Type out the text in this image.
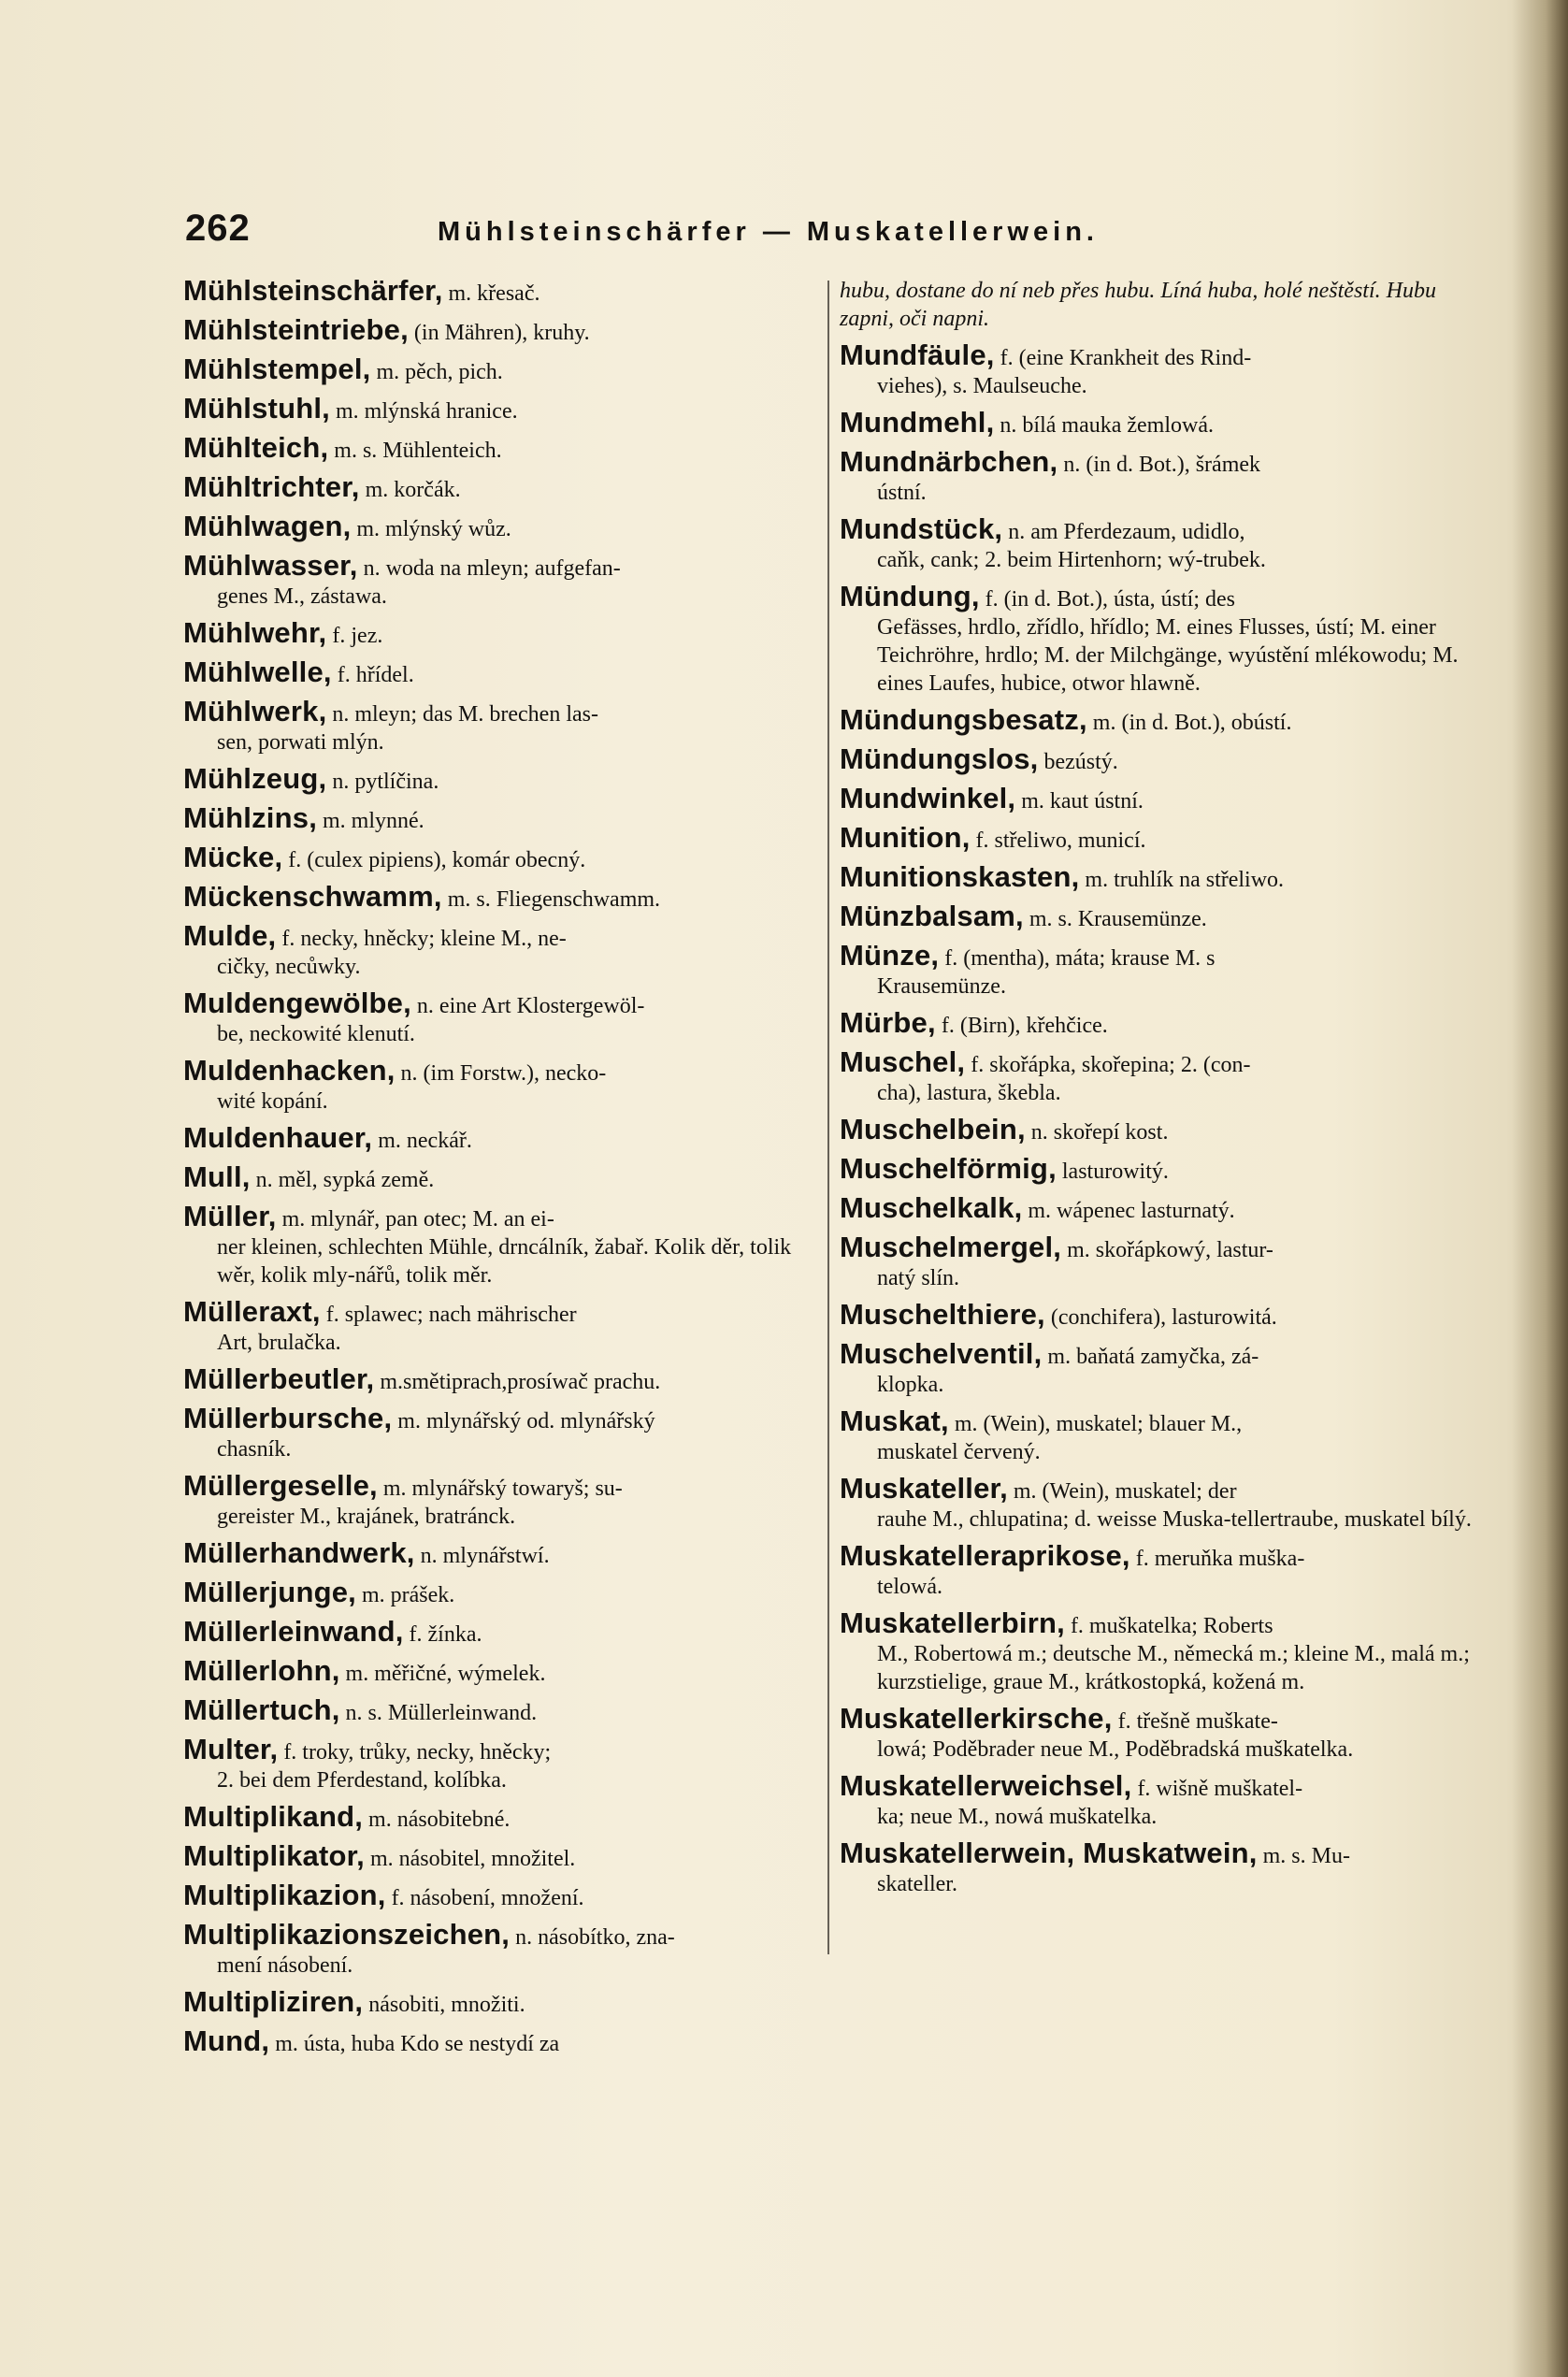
262	Mühlsteinschärfer — Muskatellerwein.
Mühlsteinschärfer, m. křesač.
Mühlsteintriebe, (in Mähren), kruhy.
Mühlstempel, m. pěch, pich.
Mühlstuhl, m. mlýnská hranice.
Mühlteich, m. s. Mühlenteich.
Mühltrichter, m. korčák.
Mühlwagen, m. mlýnský wůz.
Mühlwasser, n. woda na mleyn; aufgefan-
genes M., zástawa.
Mühlwehr, f. jez.
Mühlwelle, f. hřídel.
Mühlwerk, n. mleyn; das M. brechen las-
sen, porwati mlýn.
Mühlzeug, n. pytlíčina.
Mühlzins, m. mlynné.
Mücke, f. (culex pipiens), komár obecný.
Mückenschwamm, m. s. Fliegenschwamm.
Mulde, f. necky, hněcky; kleine M., ne-
cičky, necůwky.
Muldengewölbe, n. eine Art Klostergewöl-
be, neckowité klenutí.
Muldenhacken, n. (im Forstw.), necko-
wité kopání.
Muldenhauer, m. neckář.
Mull, n. měl, sypká země.
Müller, m. mlynář, pan otec; M. an ei-
ner kleinen, schlechten Mühle, drncálník, žabař. Kolik děr, tolik wěr, kolik mly-nářů, tolik měr.
Mülleraxt, f. splawec; nach mährischer
Art, brulačka.
Müllerbeutler, m.smětiprach,prosíwač prachu.
Müllerbursche, m. mlynářský od. mlynářský
chasník.
Müllergeselle, m. mlynářský towaryš; su-
gereister M., krajánek, bratránck.
Müllerhandwerk, n. mlynářstwí.
Müllerjunge, m. prášek.
Müllerleinwand, f. žínka.
Müllerlohn, m. měřičné, wýmelek.
Müllertuch, n. s. Müllerleinwand.
Multer, f. troky, trůky, necky, hněcky;
2. bei dem Pferdestand, kolíbka.
Multiplikand, m. násobitebné.
Multiplikator, m. násobitel, množitel.
Multiplikazion, f. násobení, množení.
Multiplikazionszeichen, n. násobítko, zna-
mení násobení.
Multipliziren, násobiti, množiti.
Mund, m. ústa, huba Kdo se nestydí za
hubu, dostane do ní neb přes hubu. Líná huba, holé neštěstí. Hubu zapni, oči napni.
Mundfäule, f. (eine Krankheit des Rind-
viehes), s. Maulseuche.
Mundmehl, n. bílá mauka žemlowá.
Mundnärbchen, n. (in d. Bot.), šrámek
ústní.
Mundstück, n. am Pferdezaum, udidlo,
caňk, cank; 2. beim Hirtenhorn; wý-trubek.
Mündung, f. (in d. Bot.), ústa, ústí; des
Gefässes, hrdlo, zřídlo, hřídlo; M. eines Flusses, ústí; M. einer Teichröhre, hrdlo; M. der Milchgänge, wyústění mlékowodu; M. eines Laufes, hubice, otwor hlawně.
Mündungsbesatz, m. (in d. Bot.), obústí.
Mündungslos, bezústý.
Mundwinkel, m. kaut ústní.
Munition, f. střeliwo, municí.
Munitionskasten, m. truhlík na střeliwo.
Münzbalsam, m. s. Krausemünze.
Münze, f. (mentha), máta; krause M. s
Krausemünze.
Mürbe, f. (Birn), křehčice.
Muschel, f. skořápka, skořepina; 2. (con-
cha), lastura, škebla.
Muschelbein, n. skořepí kost.
Muschelförmig, lasturowitý.
Muschelkalk, m. wápenec lasturnatý.
Muschelmergel, m. skořápkowý, lastur-
natý slín.
Muschelthiere, (conchifera), lasturowitá.
Muschelventil, m. baňatá zamyčka, zá-
klopka.
Muskat, m. (Wein), muskatel; blauer M.,
muskatel červený.
Muskateller, m. (Wein), muskatel; der
rauhe M., chlupatina; d. weisse Muska-tellertraube, muskatel bílý.
Muskatelleraprikose, f. meruňka muška-
telowá.
Muskatellerbirn, f. muškatelka; Roberts
M., Robertowá m.; deutsche M., německá m.; kleine M., malá m.; kurzstielige, graue M., krátkostopká, kožená m.
Muskatellerkirsche, f. třešně muškate-
lowá; Poděbrader neue M., Poděbradská muškatelka.
Muskatellerweichsel, f. wišně muškatel-
ka; neue M., nowá muškatelka.
Muskatellerwein, Muskatwein, m. s. Mu-
skateller.
